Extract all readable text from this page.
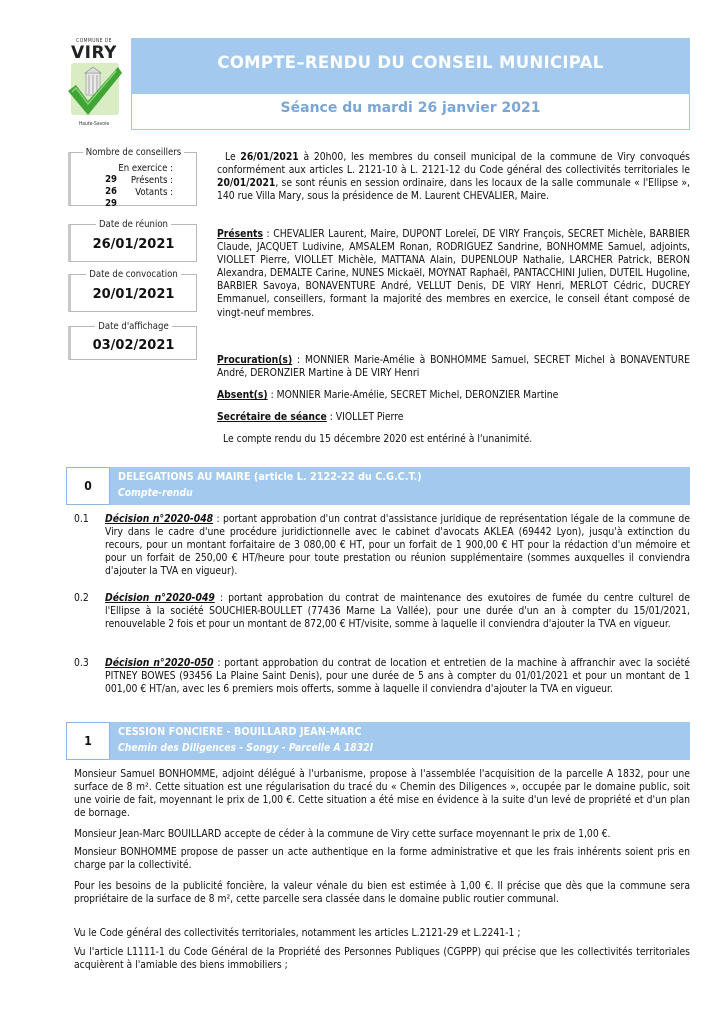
COMMUNE DE
VIRY
Haute-Savoie
COMPTE–RENDU DU CONSEIL MUNICIPAL
Séance du mardi 26 janvier 2021
Nombre de conseillers
En exercice : 29	Présents : 26	Votants : 29
Date de réunion
26/01/2021
Date de convocation
20/01/2021
Date d'affichage
03/02/2021
Le 26/01/2021 à 20h00, les membres du conseil municipal de la commune de Viry convoqués conformément aux articles L. 2121-10 à L. 2121-12 du Code général des collectivités territoriales le 20/01/2021, se sont réunis en session ordinaire, dans les locaux de la salle communale « l'Ellipse », 140 rue Villa Mary, sous la présidence de M. Laurent CHEVALIER, Maire.
Présents : CHEVALIER Laurent, Maire, DUPONT Loreleï, DE VIRY François, SECRET Michèle, BARBIER Claude, JACQUET Ludivine, AMSALEM Ronan, RODRIGUEZ Sandrine, BONHOMME Samuel, adjoints, VIOLLET Pierre, VIOLLET Michèle, MATTANA Alain, DUPENLOUP Nathalie, LARCHER Patrick, BERON Alexandra, DEMALTE Carine, NUNES Mickaël, MOYNAT Raphaël, PANTACCHINI Julien, DUTEIL Hugoline, BARBIER Savoya, BONAVENTURE André, VELLUT Denis, DE VIRY Henri, MERLOT Cédric, DUCREY Emmanuel, conseillers, formant la majorité des membres en exercice, le conseil étant composé de vingt-neuf membres.
Procuration(s) : MONNIER Marie-Amélie à BONHOMME Samuel, SECRET Michel à BONAVENTURE André, DERONZIER Martine à DE VIRY Henri
Absent(s) : MONNIER Marie-Amélie, SECRET Michel, DERONZIER Martine
Secrétaire de séance : VIOLLET Pierre
Le compte rendu du 15 décembre 2020 est entériné à l'unanimité.
0
DELEGATIONS AU MAIRE (article L. 2122-22 du C.G.C.T.)
Compte-rendu
0.1 Décision n°2020-048 : portant approbation d'un contrat d'assistance juridique de représentation légale de la commune de Viry dans le cadre d'une procédure juridictionnelle avec le cabinet d'avocats AKLEA (69442 Lyon), jusqu'à extinction du recours, pour un montant forfaitaire de 3 080,00 € HT, pour un forfait de 1 900,00 € HT pour la rédaction d'un mémoire et pour un forfait de 250,00 € HT/heure pour toute prestation ou réunion supplémentaire (sommes auxquelles il conviendra d'ajouter la TVA en vigueur).
0.2 Décision n°2020-049 : portant approbation du contrat de maintenance des exutoires de fumée du centre culturel de l'Ellipse à la société SOUCHIER-BOULLET (77436 Marne La Vallée), pour une durée d'un an à compter du 15/01/2021, renouvelable 2 fois et pour un montant de 872,00 € HT/visite, somme à laquelle il conviendra d'ajouter la TVA en vigueur.
0.3 Décision n°2020-050 : portant approbation du contrat de location et entretien de la machine à affranchir avec la société PITNEY BOWES (93456 La Plaine Saint Denis), pour une durée de 5 ans à compter du 01/01/2021 et pour un montant de 1 001,00 € HT/an, avec les 6 premiers mois offerts, somme à laquelle il conviendra d'ajouter la TVA en vigueur.
1
CESSION FONCIERE - BOUILLARD JEAN-MARC
Chemin des Diligences - Songy - Parcelle A 1832l
Monsieur Samuel BONHOMME, adjoint délégué à l'urbanisme, propose à l'assemblée l'acquisition de la parcelle A 1832, pour une surface de 8 m². Cette situation est une régularisation du tracé du « Chemin des Diligences », occupée par le domaine public, soit une voirie de fait, moyennant le prix de 1,00 €. Cette situation a été mise en évidence à la suite d'un levé de propriété et d'un plan de bornage.
Monsieur Jean-Marc BOUILLARD accepte de céder à la commune de Viry cette surface moyennant le prix de 1,00 €.
Monsieur BONHOMME propose de passer un acte authentique en la forme administrative et que les frais inhérents soient pris en charge par la collectivité.
Pour les besoins de la publicité foncière, la valeur vénale du bien est estimée à 1,00 €. Il précise que dès que la commune sera propriétaire de la surface de 8 m², cette parcelle sera classée dans le domaine public routier communal.
Vu le Code général des collectivités territoriales, notamment les articles L.2121-29 et L.2241-1 ;
Vu l'article L1111-1 du Code Général de la Propriété des Personnes Publiques (CGPPP) qui précise que les collectivités territoriales acquièrent à l'amiable des biens immobiliers ;
